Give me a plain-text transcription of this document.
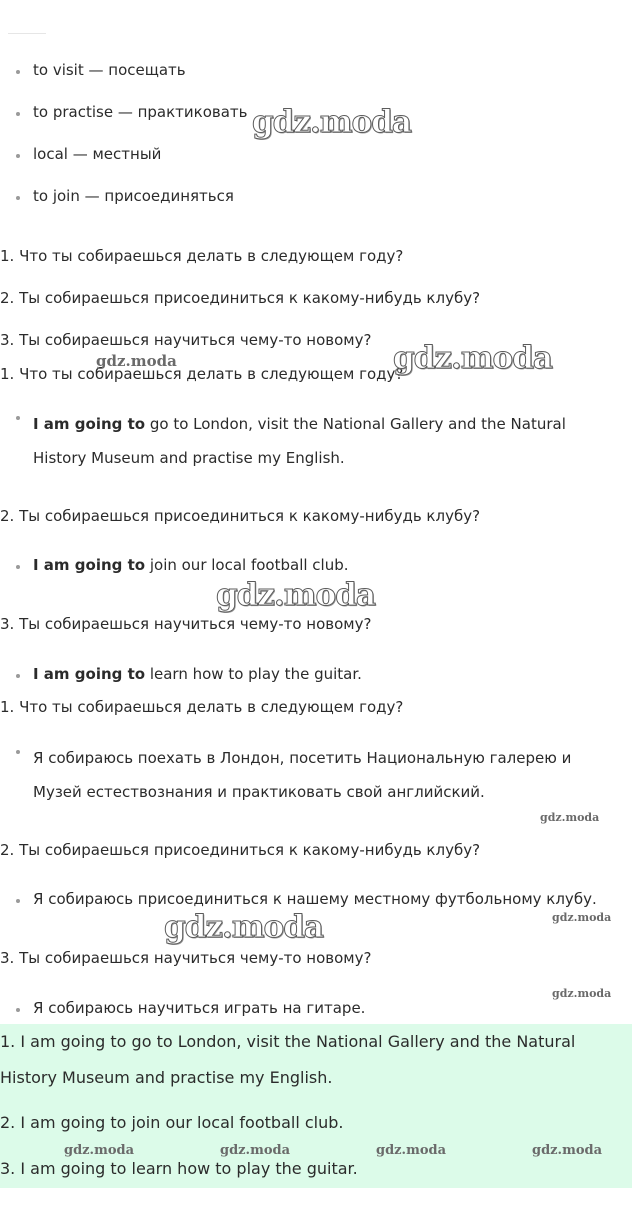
to visit — посещать
to practise — практиковать
local — местный
to join — присоединяться
1. Что ты собираешься делать в следующем году?
2. Ты собираешься присоединиться к какому-нибудь клубу?
3. Ты собираешься научиться чему-то новому?
1. Что ты собираешься делать в следующем году?
I am going to go to London, visit the National Gallery and the Natural History Museum and practise my English.
2. Ты собираешься присоединиться к какому-нибудь клубу?
I am going to join our local football club.
3. Ты собираешься научиться чему-то новому?
I am going to learn how to play the guitar.
1. Что ты собираешься делать в следующем году?
Я собираюсь поехать в Лондон, посетить Национальную галерею и Музей естествознания и практиковать свой английский.
2. Ты собираешься присоединиться к какому-нибудь клубу?
Я собираюсь присоединиться к нашему местному футбольному клубу.
3. Ты собираешься научиться чему-то новому?
Я собираюсь научиться играть на гитаре.
1. I am going to go to London, visit the National Gallery and the Natural History Museum and practise my English.
2. I am going to join our local football club.
3. I am going to learn how to play the guitar.
gdz.moda
gdz.moda	gdz.moda
gdz.moda
gdz.moda
gdz.moda
gdz.moda
gdz.moda
gdz.moda	gdz.moda	gdz.moda	gdz.moda
